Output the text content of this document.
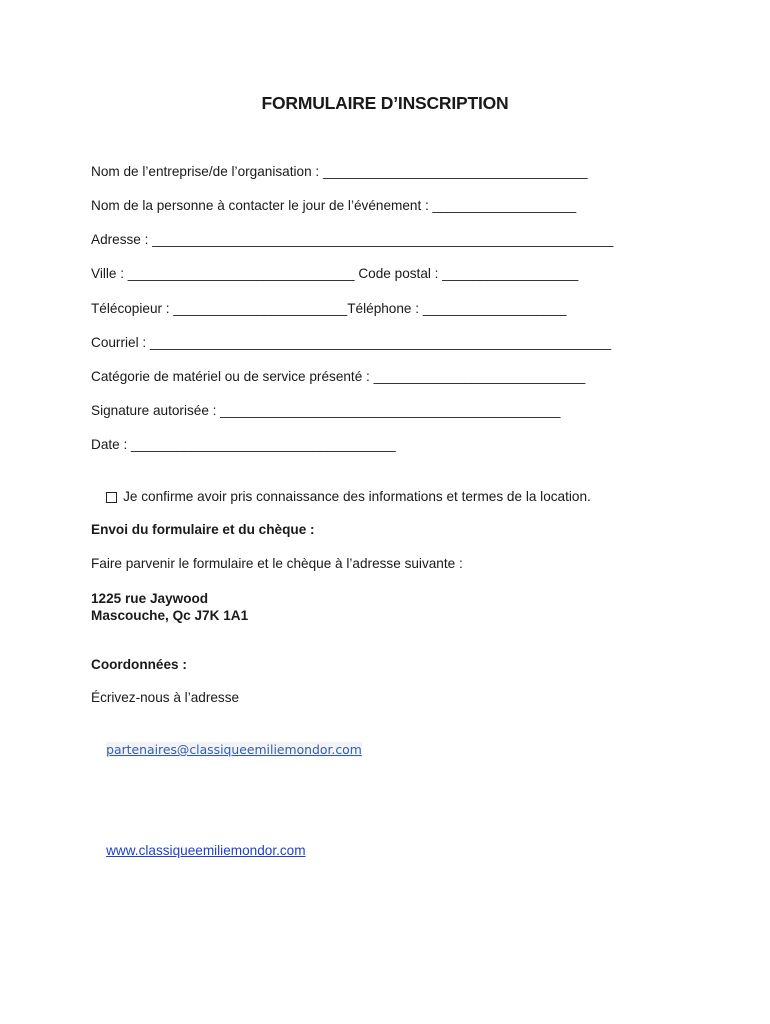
FORMULAIRE D’INSCRIPTION
Nom de l’entreprise/de l’organisation : ___________________________________
Nom de la personne à contacter le jour de l’événement : ___________________
Adresse : _____________________________________________________________
Ville : ______________________________ Code postal : __________________
Télécopieur : _______________________Téléphone : ___________________
Courriel : _____________________________________________________________
Catégorie de matériel ou de service présenté : ____________________________
Signature autorisée : _____________________________________________
Date : ___________________________________

Je confirme avoir pris connaissance des informations et termes de la location.

Envoi du formulaire et du chèque :
Faire parvenir le formulaire et le chèque à l’adresse suivante :
1225 rue Jaywood
Mascouche, Qc J7K 1A1
Coordonnées :
Écrivez-nous à l’adresse

partenaires@classiqueemiliemondor.com

www.classiqueemiliemondor.com
